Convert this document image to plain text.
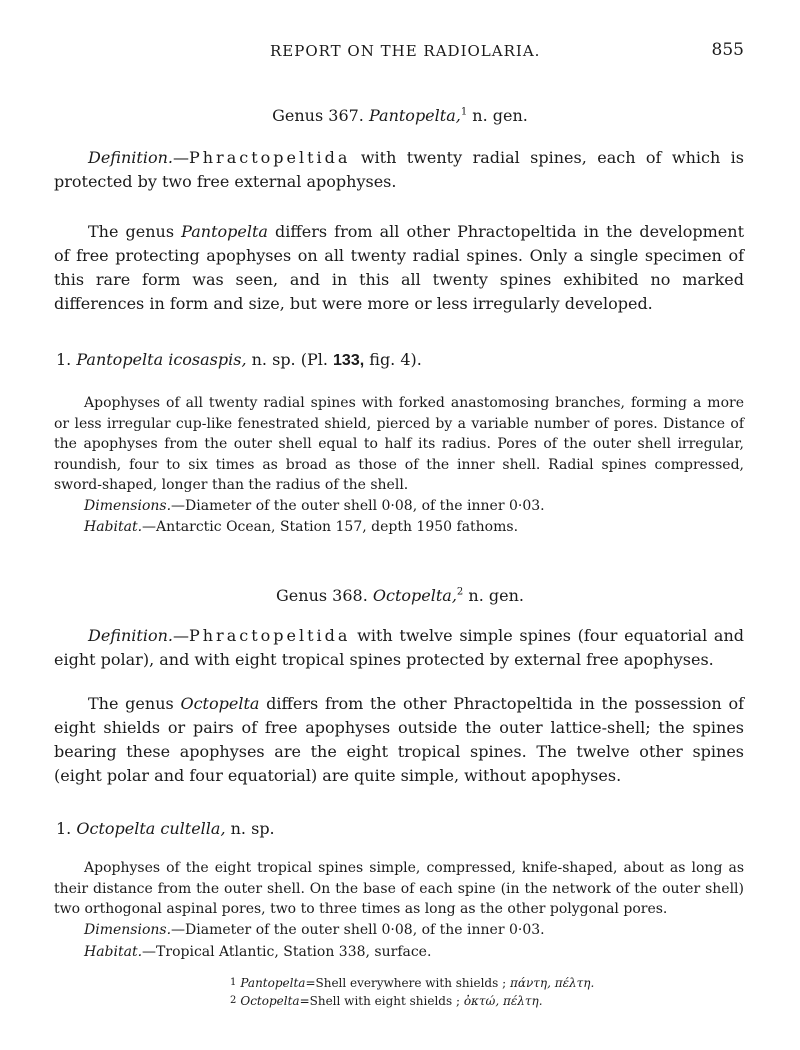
REPORT ON THE RADIOLARIA.	855
Genus 367. Pantopelta,$^1$ n. gen.
Definition.—Phractopeltida with twenty radial spines, each of which is protected by two free external apophyses.
The genus Pantopelta differs from all other Phractopeltida in the development of free protecting apophyses on all twenty radial spines. Only a single specimen of this rare form was seen, and in this all twenty spines exhibited no marked differences in form and size, but were more or less irregularly developed.
1. Pantopelta icosaspis, n. sp. (Pl. 133, fig. 4).
Apophyses of all twenty radial spines with forked anastomosing branches, forming a more or less irregular cup-like fenestrated shield, pierced by a variable number of pores. Distance of the apophyses from the outer shell equal to half its radius. Pores of the outer shell irregular, roundish, four to six times as broad as those of the inner shell. Radial spines compressed, sword-shaped, longer than the radius of the shell.
Dimensions.—Diameter of the outer shell 0·08, of the inner 0·03.
Habitat.—Antarctic Ocean, Station 157, depth 1950 fathoms.
Genus 368. Octopelta,$^2$ n. gen.
Definition.—Phractopeltida with twelve simple spines (four equatorial and eight polar), and with eight tropical spines protected by external free apophyses.
The genus Octopelta differs from the other Phractopeltida in the possession of eight shields or pairs of free apophyses outside the outer lattice-shell; the spines bearing these apophyses are the eight tropical spines. The twelve other spines (eight polar and four equatorial) are quite simple, without apophyses.
1. Octopelta cultella, n. sp.
Apophyses of the eight tropical spines simple, compressed, knife-shaped, about as long as their distance from the outer shell. On the base of each spine (in the network of the outer shell) two orthogonal aspinal pores, two to three times as long as the other polygonal pores.
Dimensions.—Diameter of the outer shell 0·08, of the inner 0·03.
Habitat.—Tropical Atlantic, Station 338, surface.
1 Pantopelta=Shell everywhere with shields ; πάντη, πέλτη.
2 Octopelta=Shell with eight shields ; ὀκτώ, πέλτη.
